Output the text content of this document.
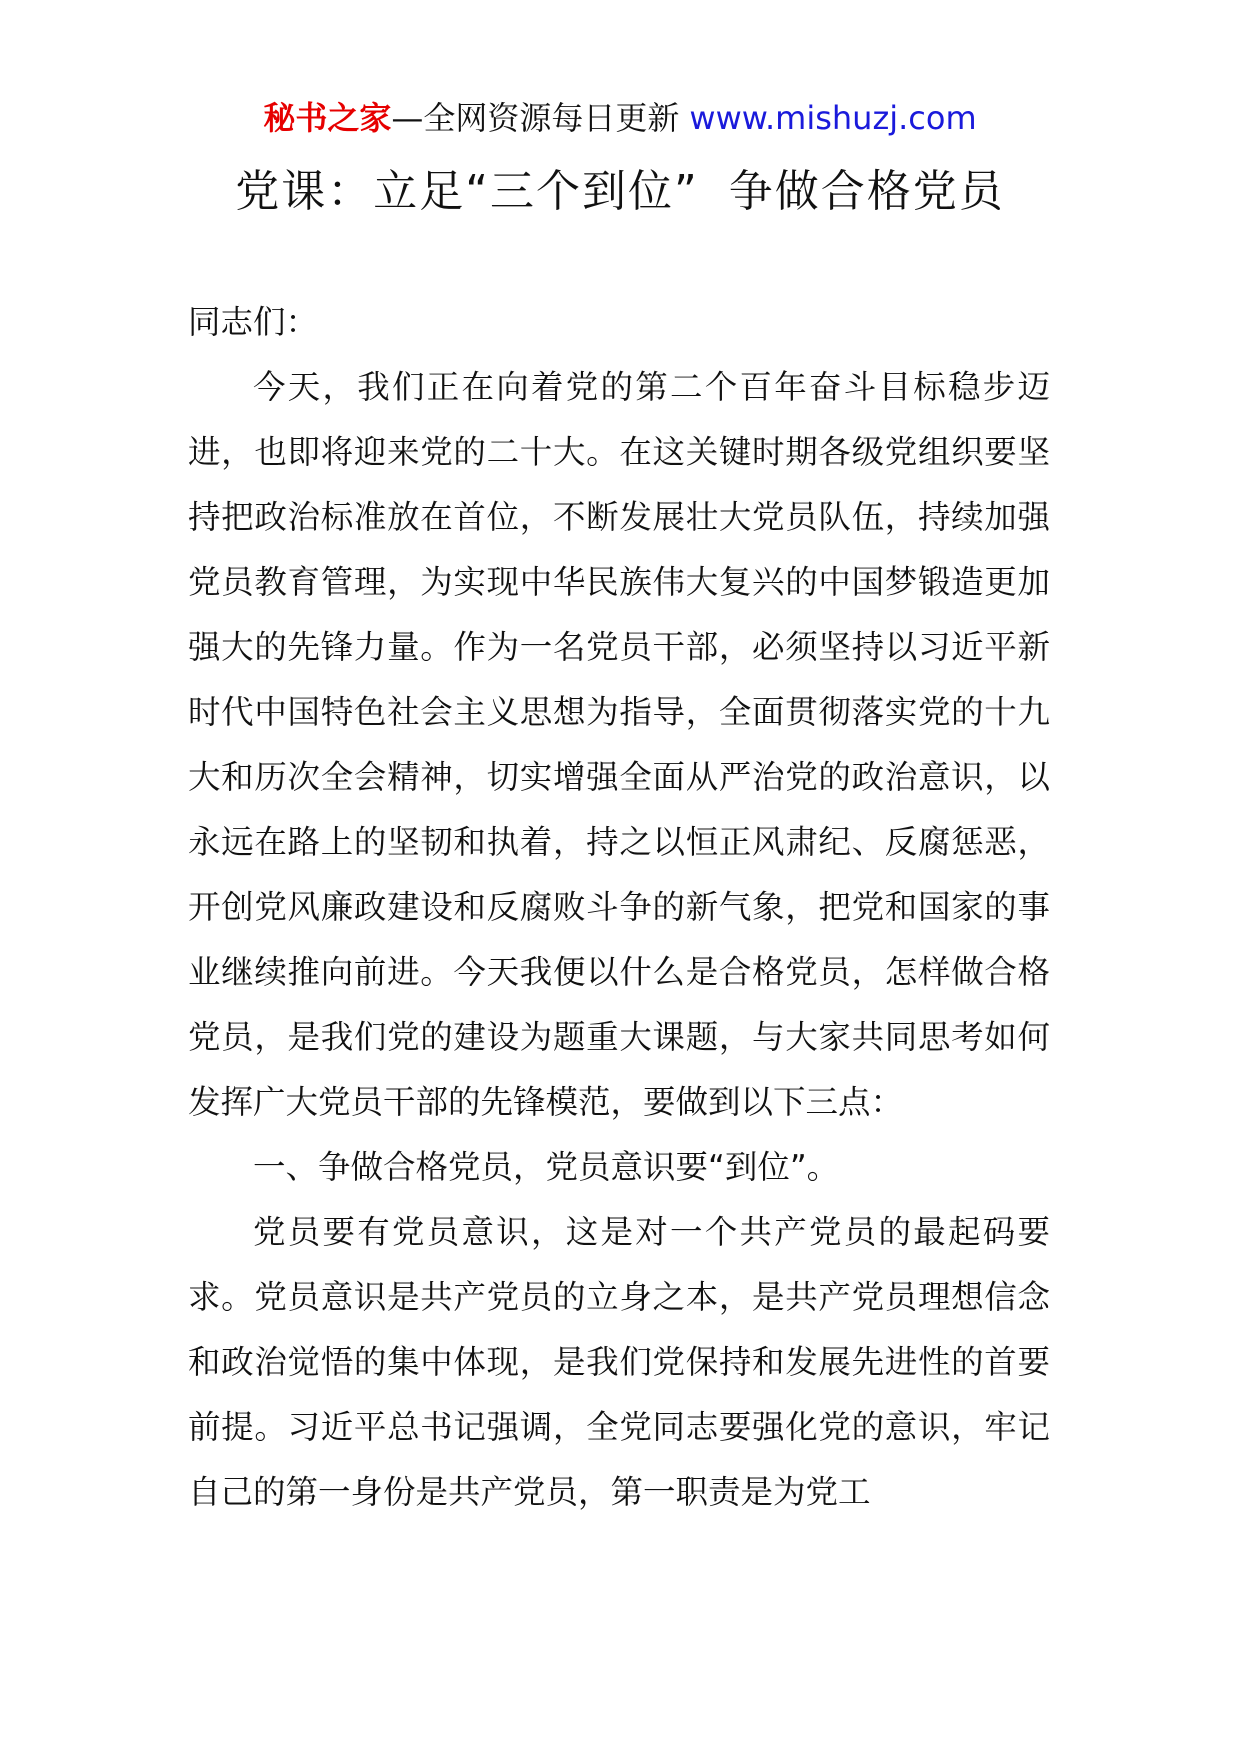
秘书之家—全网资源每日更新 www.mishuzj.com
党课：立足“三个到位” 争做合格党员

同志们：

今天，我们正在向着党的第二个百年奋斗目标稳步迈进，也即将迎来党的二十大。在这关键时期各级党组织要坚持把政治标准放在首位，不断发展壮大党员队伍，持续加强党员教育管理，为实现中华民族伟大复兴的中国梦锻造更加强大的先锋力量。作为一名党员干部，必须坚持以习近平新时代中国特色社会主义思想为指导，全面贯彻落实党的十九大和历次全会精神，切实增强全面从严治党的政治意识，以永远在路上的坚韧和执着，持之以恒正风肃纪、反腐惩恶，开创党风廉政建设和反腐败斗争的新气象，把党和国家的事业继续推向前进。今天我便以什么是合格党员，怎样做合格党员，是我们党的建设为题重大课题，与大家共同思考如何发挥广大党员干部的先锋模范，要做到以下三点：

一、争做合格党员，党员意识要“到位”。

党员要有党员意识，这是对一个共产党员的最起码要求。党员意识是共产党员的立身之本，是共产党员理想信念和政治觉悟的集中体现，是我们党保持和发展先进性的首要前提。习近平总书记强调，全党同志要强化党的意识，牢记自己的第一身份是共产党员，第一职责是为党工
